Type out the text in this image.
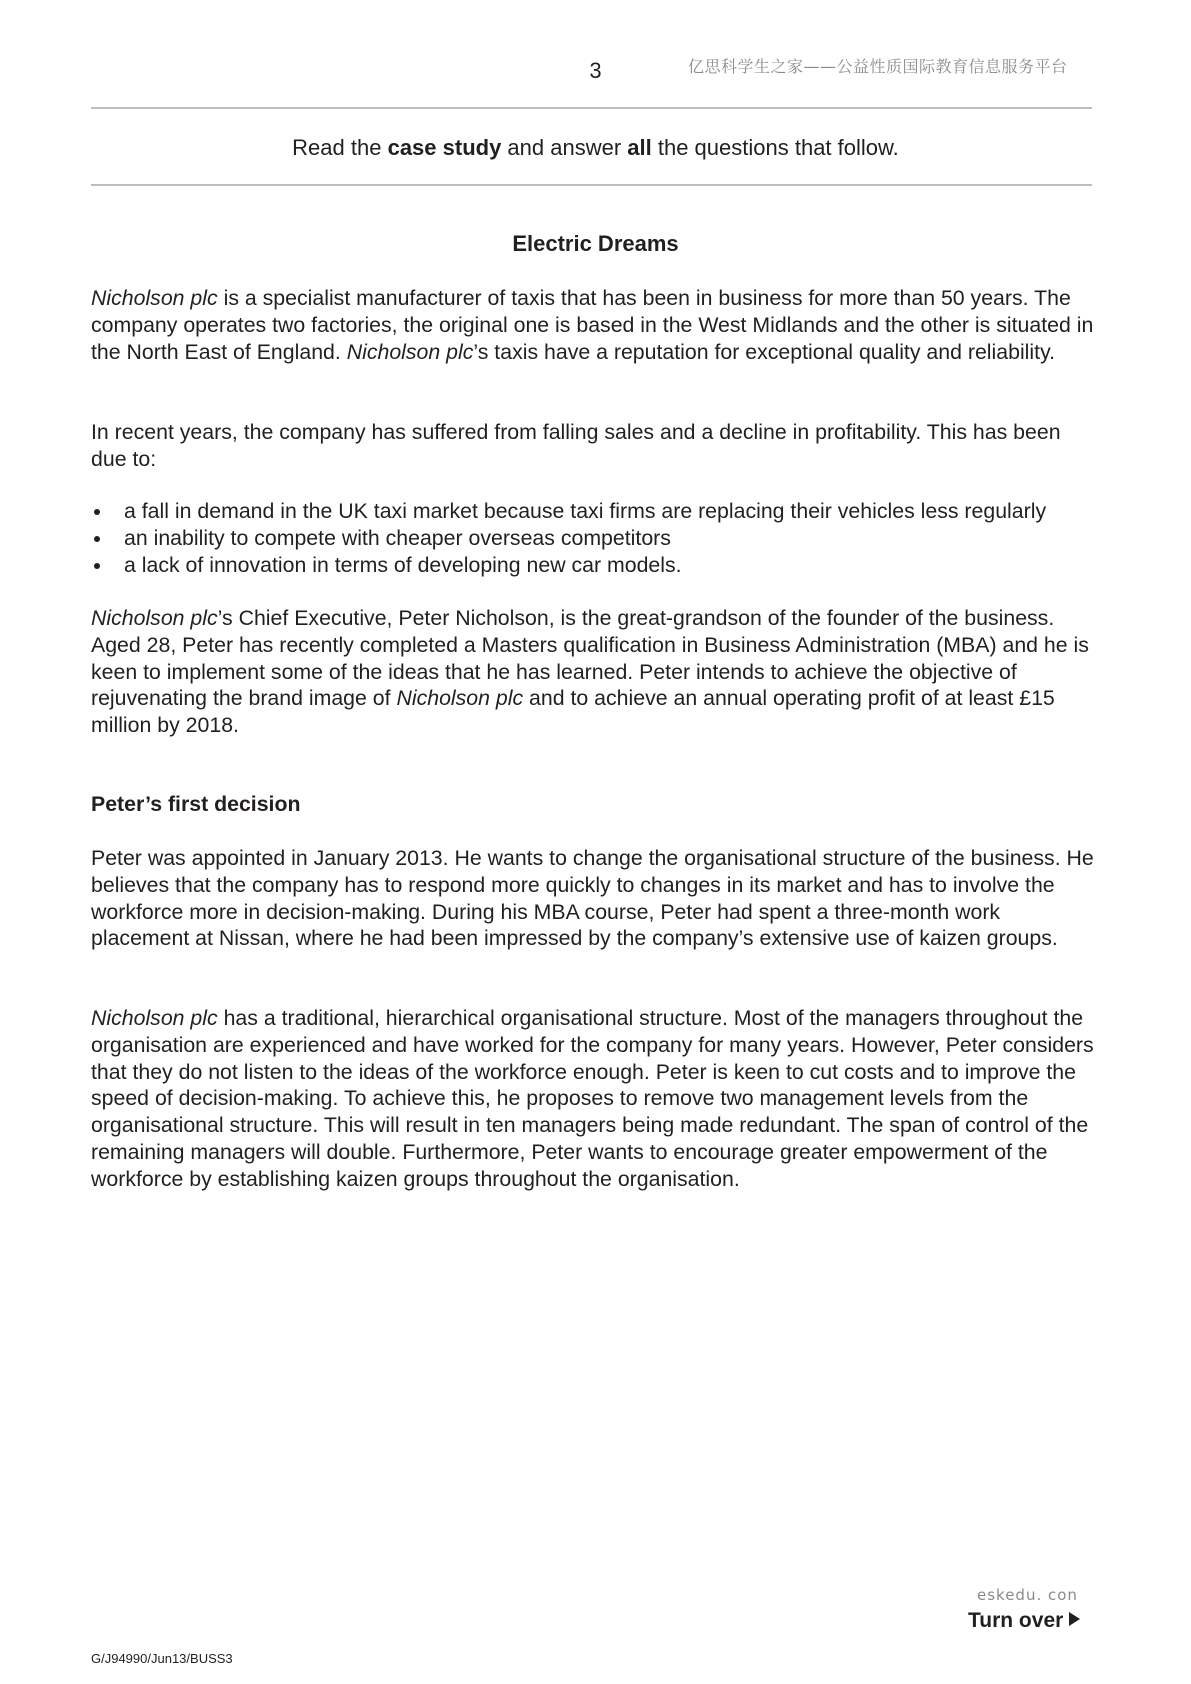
3	亿思科学生之家——公益性质国际教育信息服务平台
Read the case study and answer all the questions that follow.
Electric Dreams

Nicholson plc is a specialist manufacturer of taxis that has been in business for more than 50 years. The company operates two factories, the original one is based in the West Midlands and the other is situated in the North East of England. Nicholson plc’s taxis have a reputation for exceptional quality and reliability.

In recent years, the company has suffered from falling sales and a decline in profitability. This has been due to:

a fall in demand in the UK taxi market because taxi firms are replacing their vehicles less regularly
an inability to compete with cheaper overseas competitors
a lack of innovation in terms of developing new car models.

Nicholson plc’s Chief Executive, Peter Nicholson, is the great-grandson of the founder of the business. Aged 28, Peter has recently completed a Masters qualification in Business Administration (MBA) and he is keen to implement some of the ideas that he has learned. Peter intends to achieve the objective of rejuvenating the brand image of Nicholson plc and to achieve an annual operating profit of at least £15 million by 2018.

Peter’s first decision

Peter was appointed in January 2013. He wants to change the organisational structure of the business. He believes that the company has to respond more quickly to changes in its market and has to involve the workforce more in decision-making. During his MBA course, Peter had spent a three-month work placement at Nissan, where he had been impressed by the company’s extensive use of kaizen groups.

Nicholson plc has a traditional, hierarchical organisational structure. Most of the managers throughout the organisation are experienced and have worked for the company for many years. However, Peter considers that they do not listen to the ideas of the workforce enough. Peter is keen to cut costs and to improve the speed of decision-making. To achieve this, he proposes to remove two management levels from the organisational structure. This will result in ten managers being made redundant. The span of control of the remaining managers will double. Furthermore, Peter wants to encourage greater empowerment of the workforce by establishing kaizen groups throughout the organisation.

eskedu. con
Turn over
G/J94990/Jun13/BUSS3
